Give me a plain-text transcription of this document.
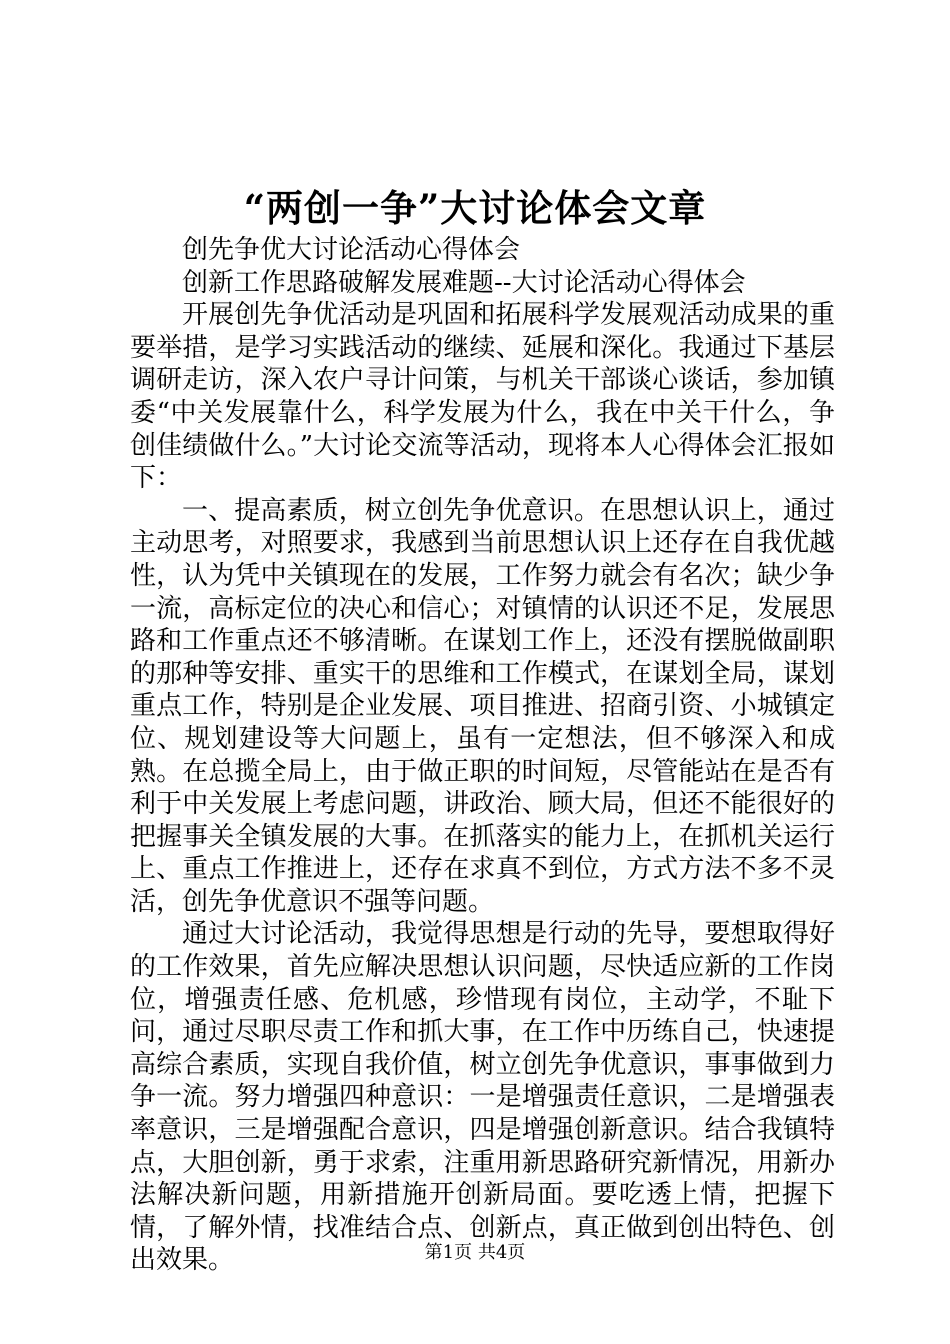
“两创一争”大讨论体会文章

创先争优大讨论活动心得体会

创新工作思路破解发展难题--大讨论活动心得体会

开展创先争优活动是巩固和拓展科学发展观活动成果的重要举措，是学习实践活动的继续、延展和深化。我通过下基层调研走访，深入农户寻计问策，与机关干部谈心谈话，参加镇委“中关发展靠什么，科学发展为什么，我在中关干什么，争创佳绩做什么。”大讨论交流等活动，现将本人心得体会汇报如下：

一、提高素质，树立创先争优意识。在思想认识上，通过主动思考，对照要求，我感到当前思想认识上还存在自我优越性，认为凭中关镇现在的发展，工作努力就会有名次；缺少争一流，高标定位的决心和信心；对镇情的认识还不足，发展思路和工作重点还不够清晰。在谋划工作上，还没有摆脱做副职的那种等安排、重实干的思维和工作模式，在谋划全局，谋划重点工作，特别是企业发展、项目推进、招商引资、小城镇定位、规划建设等大问题上，虽有一定想法，但不够深入和成熟。在总揽全局上，由于做正职的时间短，尽管能站在是否有利于中关发展上考虑问题，讲政治、顾大局，但还不能很好的把握事关全镇发展的大事。在抓落实的能力上，在抓机关运行上、重点工作推进上，还存在求真不到位，方式方法不多不灵活，创先争优意识不强等问题。

通过大讨论活动，我觉得思想是行动的先导，要想取得好的工作效果，首先应解决思想认识问题，尽快适应新的工作岗位，增强责任感、危机感，珍惜现有岗位，主动学，不耻下问，通过尽职尽责工作和抓大事，在工作中历练自己，快速提高综合素质，实现自我价值，树立创先争优意识，事事做到力争一流。努力增强四种意识：一是增强责任意识，二是增强表率意识，三是增强配合意识，四是增强创新意识。结合我镇特点，大胆创新，勇于求索，注重用新思路研究新情况，用新办法解决新问题，用新措施开创新局面。要吃透上情，把握下情，了解外情，找准结合点、创新点，真正做到创出特色、创出效果。	第1页 共4页
